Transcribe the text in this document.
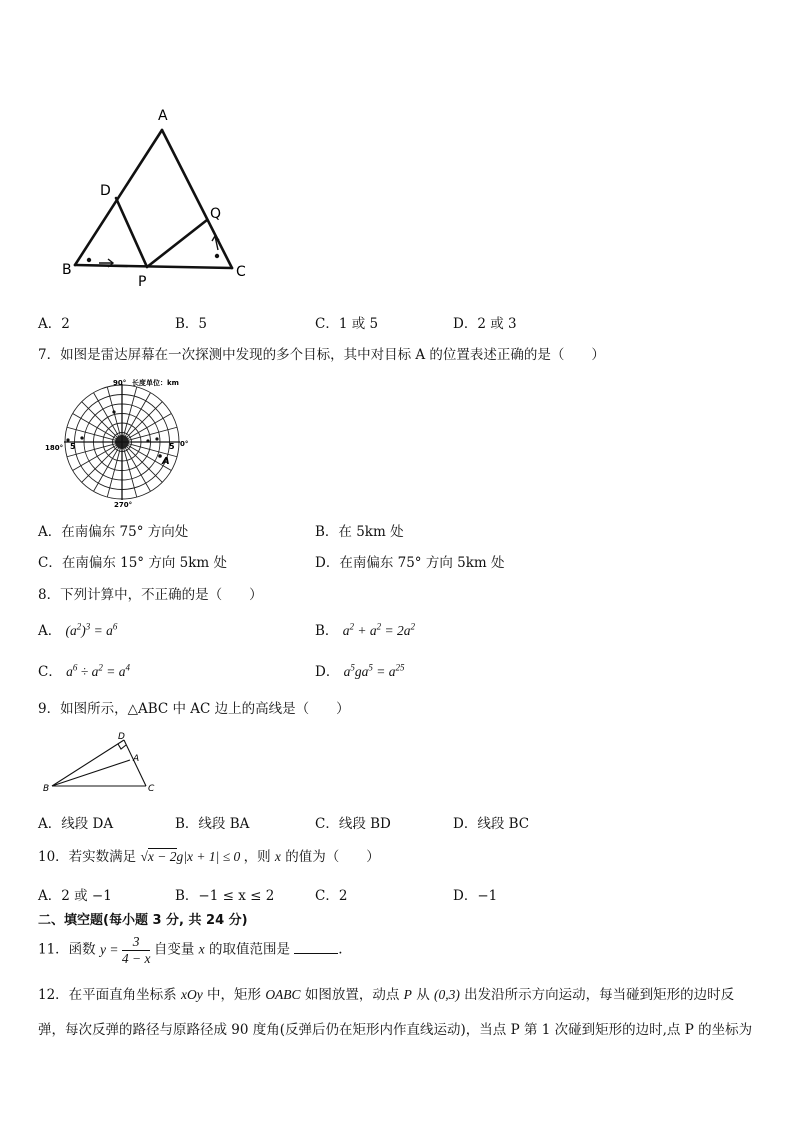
A
B	C
D
P
Q
A．2	B．5	C．1 或 5	D．2 或 3
7．如图是雷达屏幕在一次探测中发现的多个目标，其中对目标 A 的位置表述正确的是（　　）
90° 长度单位：km
180°	0°
270°
5	5
A
A．在南偏东 75° 方向处	B．在 5km 处
C．在南偏东 15° 方向 5km 处	D．在南偏东 75° 方向 5km 处
8．下列计算中，不正确的是（　　）
A． $(a^2)^3 = a^6$	B． $a^2 + a^2 = 2a^2$
C． $a^6 \div a^2 = a^4$	D． $a^5ga^5 = a^{25}$
9．如图所示，△ABC 中 AC 边上的高线是（　　）
D
A
B	C
A．线段 DA	B．线段 BA	C．线段 BD	D．线段 BC
10．若实数满足 √x − 2g|x + 1| ≤ 0 ，则 x 的值为（　　）
A．2 或 −1	B．−1 ≤ x ≤ 2	C．2	D．−1
二、填空题(每小题 3 分, 共 24 分)
11．函数 $y = \frac{3}{4 - x}$ 自变量 x 的取值范围是	.
12．在平面直角坐标系 xOy 中，矩形 OABC 如图放置，动点 P 从 (0,3) 出发沿所示方向运动，每当碰到矩形的边时反
弹，每次反弹的路径与原路径成 90 度角(反弹后仍在矩形内作直线运动)，当点 P 第 1 次碰到矩形的边时,点 P 的坐标为
